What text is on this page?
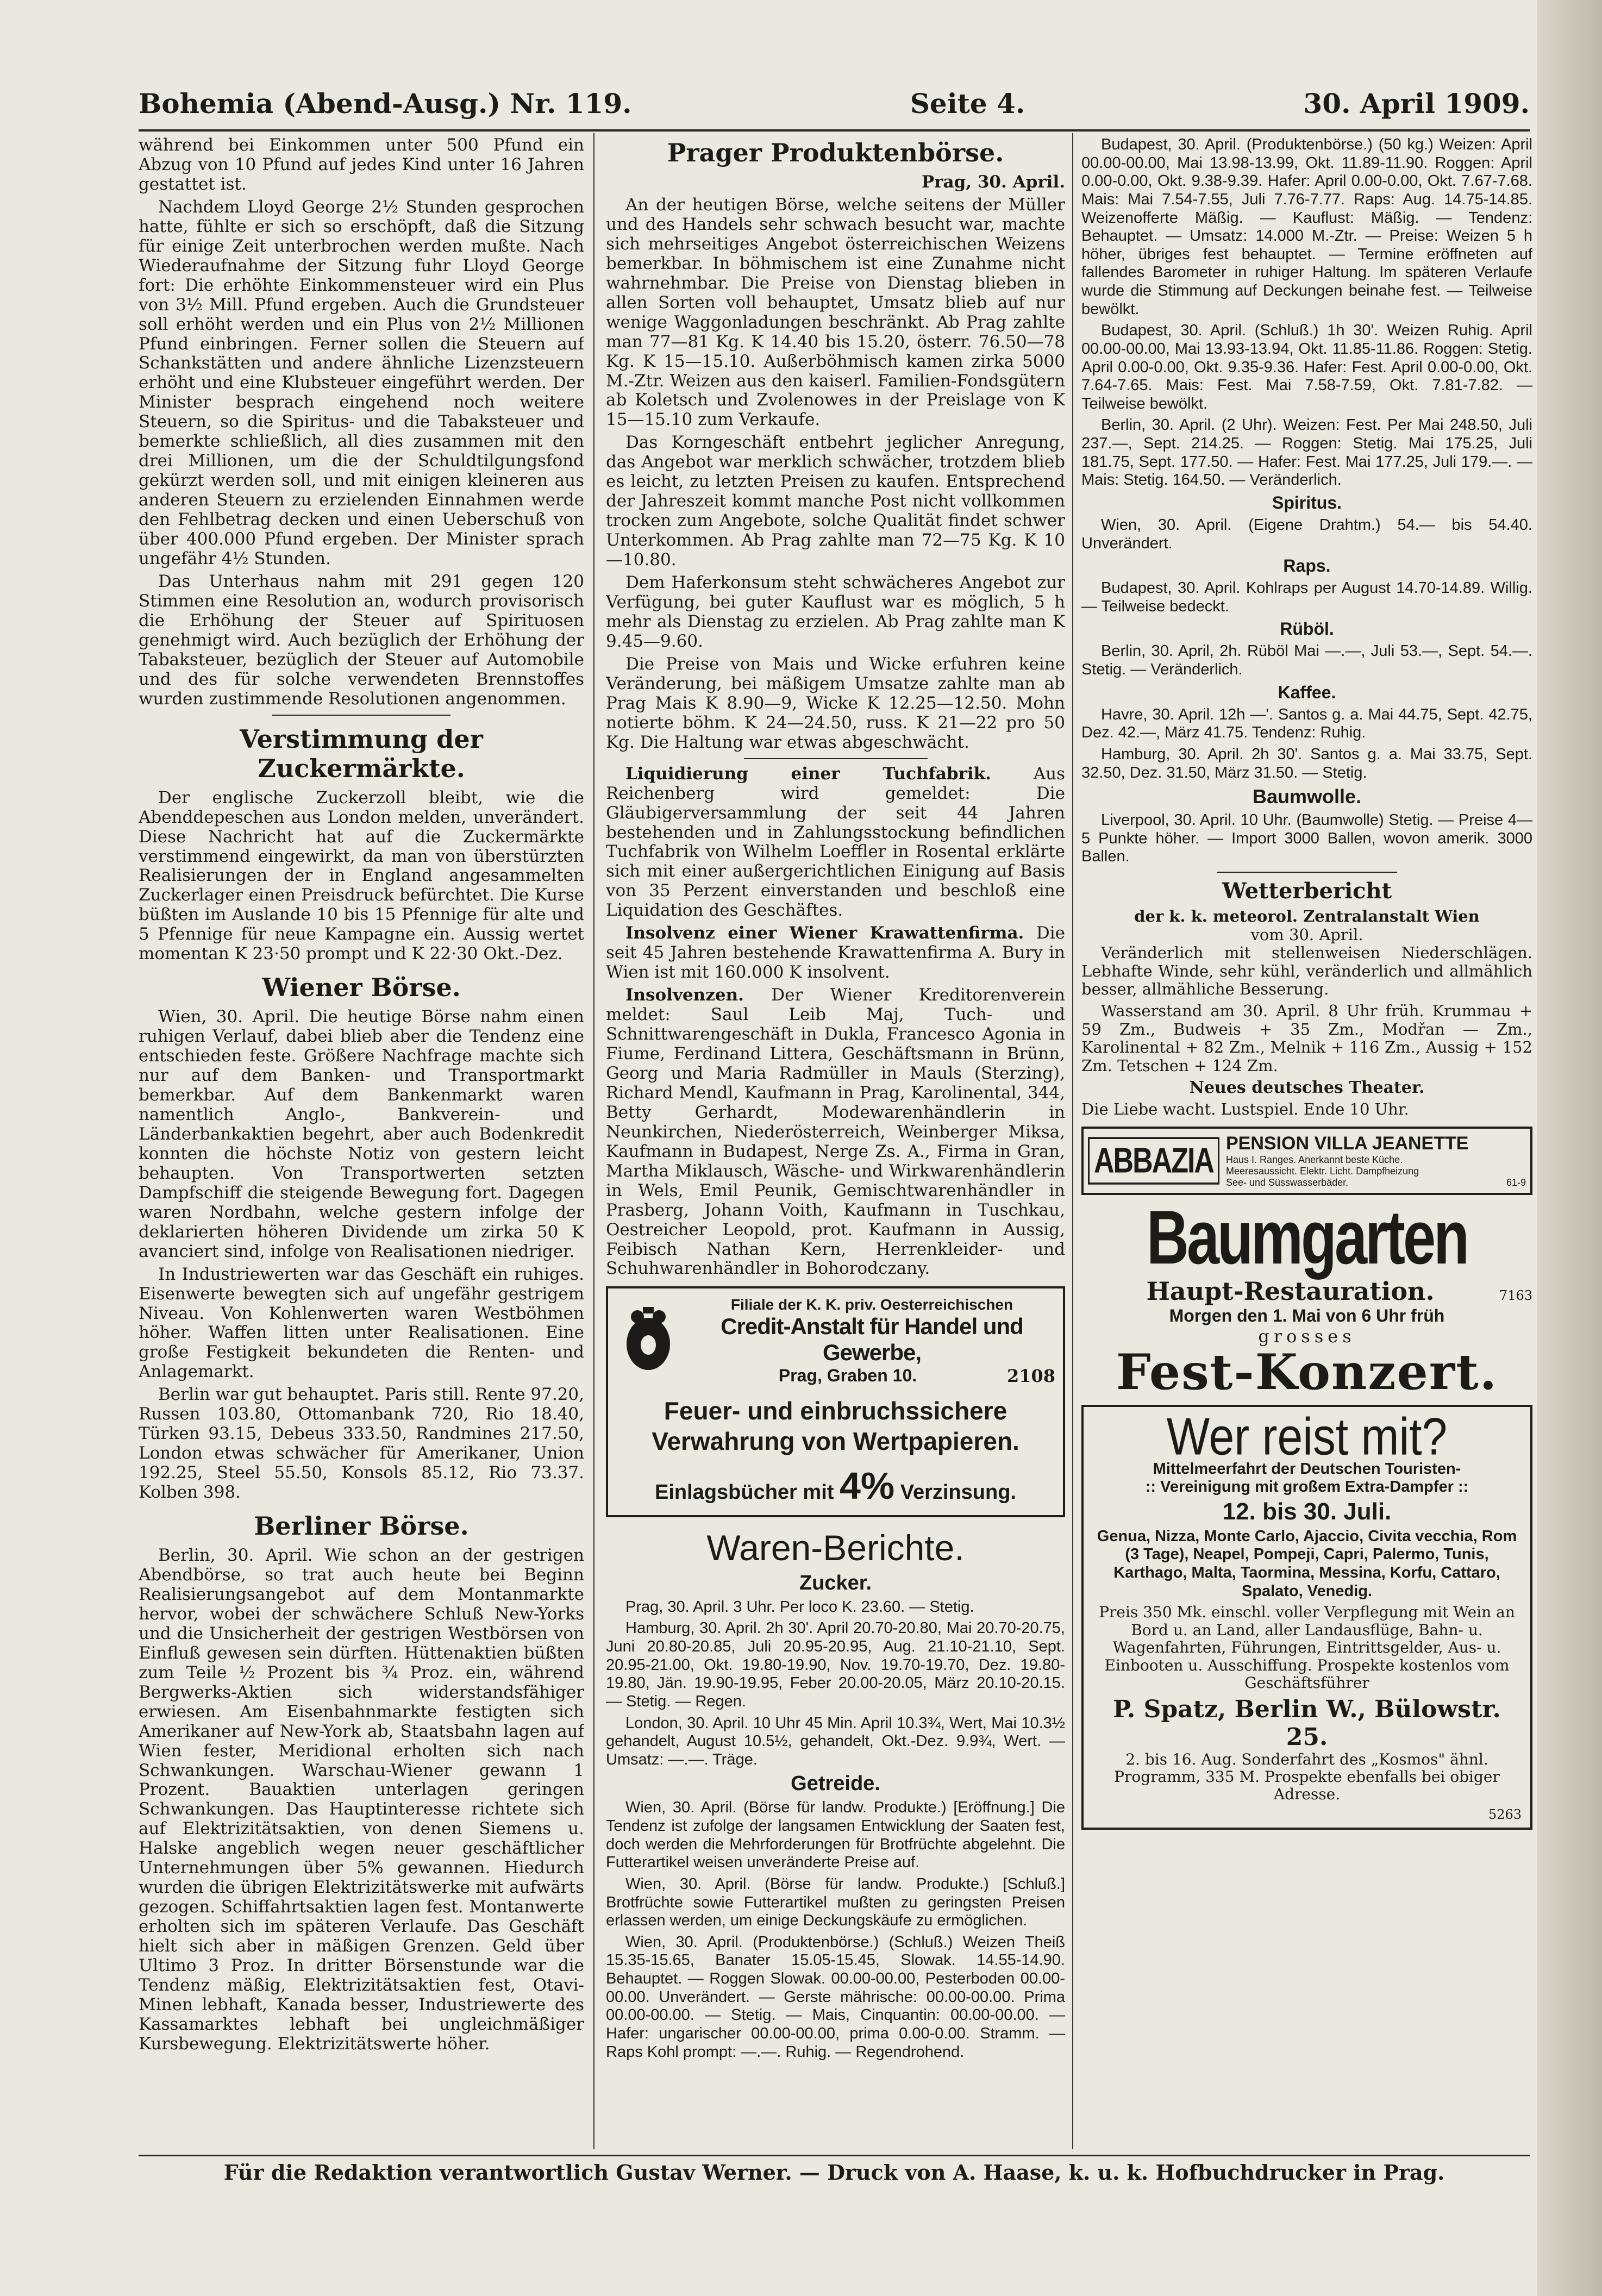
Bohemia (Abend-Ausg.) Nr. 119.	Seite 4.	30. April 1909.

während bei Einkommen unter 500 Pfund ein Abzug von 10 Pfund auf jedes Kind unter 16 Jahren gestattet ist.

Nachdem Lloyd George 2½ Stunden gesprochen hatte, fühlte er sich so erschöpft, daß die Sitzung für einige Zeit unterbrochen werden mußte. Nach Wiederaufnahme der Sitzung fuhr Lloyd George fort: Die erhöhte Einkommensteuer wird ein Plus von 3½ Mill. Pfund ergeben. Auch die Grundsteuer soll erhöht werden und ein Plus von 2½ Millionen Pfund einbringen. Ferner sollen die Steuern auf Schankstätten und andere ähnliche Lizenzsteuern erhöht und eine Klubsteuer eingeführt werden. Der Minister besprach eingehend noch weitere Steuern, so die Spiritus- und die Tabaksteuer und bemerkte schließlich, all dies zusammen mit den drei Millionen, um die der Schuldtilgungsfond gekürzt werden soll, und mit einigen kleineren aus anderen Steuern zu erzielenden Einnahmen werde den Fehlbetrag decken und einen Ueberschuß von über 400.000 Pfund ergeben. Der Minister sprach ungefähr 4½ Stunden.

Das Unterhaus nahm mit 291 gegen 120 Stimmen eine Resolution an, wodurch provisorisch die Erhöhung der Steuer auf Spirituosen genehmigt wird. Auch bezüglich der Erhöhung der Tabaksteuer, bezüglich der Steuer auf Automobile und des für solche verwendeten Brennstoffes wurden zustimmende Resolutionen angenommen.

Verstimmung der Zuckermärkte.

Der englische Zuckerzoll bleibt, wie die Abenddepeschen aus London melden, unverändert. Diese Nachricht hat auf die Zuckermärkte verstimmend eingewirkt, da man von überstürzten Realisierungen der in England angesammelten Zuckerlager einen Preisdruck befürchtet. Die Kurse büßten im Auslande 10 bis 15 Pfennige für alte und 5 Pfennige für neue Kampagne ein. Aussig wertet momentan K 23·50 prompt und K 22·30 Okt.-Dez.

Wiener Börse.

Wien, 30. April. Die heutige Börse nahm einen ruhigen Verlauf, dabei blieb aber die Tendenz eine entschieden feste. Größere Nachfrage machte sich nur auf dem Banken- und Transportmarkt bemerkbar. Auf dem Bankenmarkt waren namentlich Anglo-, Bankverein- und Länderbankaktien begehrt, aber auch Bodenkredit konnten die höchste Notiz von gestern leicht behaupten. Von Transportwerten setzten Dampfschiff die steigende Bewegung fort. Dagegen waren Nordbahn, welche gestern infolge der deklarierten höheren Dividende um zirka 50 K avanciert sind, infolge von Realisationen niedriger.

In Industriewerten war das Geschäft ein ruhiges. Eisenwerte bewegten sich auf ungefähr gestrigem Niveau. Von Kohlenwerten waren Westböhmen höher. Waffen litten unter Realisationen. Eine große Festigkeit bekundeten die Renten- und Anlagemarkt.

Berlin war gut behauptet. Paris still. Rente 97.20, Russen 103.80, Ottomanbank 720, Rio 18.40, Türken 93.15, Debeus 333.50, Randmines 217.50, London etwas schwächer für Amerikaner, Union 192.25, Steel 55.50, Konsols 85.12, Rio 73.37. Kolben 398.

Berliner Börse.

Berlin, 30. April. Wie schon an der gestrigen Abendbörse, so trat auch heute bei Beginn Realisierungsangebot auf dem Montanmarkte hervor, wobei der schwächere Schluß New-Yorks und die Unsicherheit der gestrigen Westbörsen von Einfluß gewesen sein dürften. Hüttenaktien büßten zum Teile ½ Prozent bis ¾ Proz. ein, während Bergwerks-Aktien sich widerstandsfähiger erwiesen. Am Eisenbahnmarkte festigten sich Amerikaner auf New-York ab, Staatsbahn lagen auf Wien fester, Meridional erholten sich nach Schwankungen. Warschau-Wiener gewann 1 Prozent. Bauaktien unterlagen geringen Schwankungen. Das Hauptinteresse richtete sich auf Elektrizitätsaktien, von denen Siemens u. Halske angeblich wegen neuer geschäftlicher Unternehmungen über 5% gewannen. Hiedurch wurden die übrigen Elektrizitätswerke mit aufwärts gezogen. Schiffahrtsaktien lagen fest. Montanwerte erholten sich im späteren Verlaufe. Das Geschäft hielt sich aber in mäßigen Grenzen. Geld über Ultimo 3 Proz. In dritter Börsenstunde war die Tendenz mäßig, Elektrizitätsaktien fest, Otavi-Minen lebhaft, Kanada besser, Industriewerte des Kassamarktes lebhaft bei ungleichmäßiger Kursbewegung. Elektrizitätswerte höher.

Prager Produktenbörse.

Prag, 30. April.

An der heutigen Börse, welche seitens der Müller und des Handels sehr schwach besucht war, machte sich mehrseitiges Angebot österreichischen Weizens bemerkbar. In böhmischem ist eine Zunahme nicht wahrnehmbar. Die Preise von Dienstag blieben in allen Sorten voll behauptet, Umsatz blieb auf nur wenige Waggonladungen beschränkt. Ab Prag zahlte man 77—81 Kg. K 14.40 bis 15.20, österr. 76.50—78 Kg. K 15—15.10. Außerböhmisch kamen zirka 5000 M.-Ztr. Weizen aus den kaiserl. Familien-Fondsgütern ab Koletsch und Zvolenowes in der Preislage von K 15—15.10 zum Verkaufe.

Das Korngeschäft entbehrt jeglicher Anregung, das Angebot war merklich schwächer, trotzdem blieb es leicht, zu letzten Preisen zu kaufen. Entsprechend der Jahreszeit kommt manche Post nicht vollkommen trocken zum Angebote, solche Qualität findet schwer Unterkommen. Ab Prag zahlte man 72—75 Kg. K 10—10.80.

Dem Haferkonsum steht schwächeres Angebot zur Verfügung, bei guter Kauflust war es möglich, 5 h mehr als Dienstag zu erzielen. Ab Prag zahlte man K 9.45—9.60.

Die Preise von Mais und Wicke erfuhren keine Veränderung, bei mäßigem Umsatze zahlte man ab Prag Mais K 8.90—9, Wicke K 12.25—12.50. Mohn notierte böhm. K 24—24.50, russ. K 21—22 pro 50 Kg. Die Haltung war etwas abgeschwächt.

Liquidierung einer Tuchfabrik.	Aus Reichenberg wird gemeldet: Die Gläubigerversammlung der seit 44 Jahren bestehenden und in Zahlungsstockung befindlichen Tuchfabrik von Wilhelm Loeffler in Rosental erklärte sich mit einer außergerichtlichen Einigung auf Basis von 35 Perzent einverstanden und beschloß eine Liquidation des Geschäftes.

Insolvenz einer Wiener Krawattenfirma. Die seit 45 Jahren bestehende Krawattenfirma A. Bury in Wien ist mit 160.000 K insolvent.

Insolvenzen. Der Wiener Kreditorenverein meldet: Saul Leib Maj, Tuch- und Schnittwarengeschäft in Dukla, Francesco Agonia in Fiume, Ferdinand Littera, Geschäftsmann in Brünn, Georg und Maria Radmüller in Mauls (Sterzing), Richard Mendl, Kaufmann in Prag, Karolinental, 344, Betty Gerhardt, Modewarenhändlerin in Neunkirchen, Niederösterreich, Weinberger Miksa, Kaufmann in Budapest, Nerge Zs. A., Firma in Gran, Martha Miklausch, Wäsche- und Wirkwarenhändlerin in Wels, Emil Peunik, Gemischtwarenhändler in Prasberg, Johann Voith, Kaufmann in Tuschkau, Oestreicher Leopold, prot. Kaufmann in Aussig, Feibisch Nathan Kern, Herrenkleider- und Schuhwarenhändler in Bohorodczany.

Filiale der K. K. priv. Oesterreichischen
Credit-Anstalt für Handel und Gewerbe,
Prag, Graben 10.	2108
Feuer- und einbruchssichere Verwahrung von Wertpapieren.
Einlagsbücher mit 4% Verzinsung.
Waren-Berichte.
Zucker.

Prag, 30. April. 3 Uhr. Per loco K. 23.60. — Stetig.

Hamburg, 30. April. 2h 30'. April 20.70-20.80, Mai 20.70-20.75, Juni 20.80-20.85, Juli 20.95-20.95, Aug. 21.10-21.10, Sept. 20.95-21.00, Okt. 19.80-19.90, Nov. 19.70-19.70, Dez. 19.80-19.80, Jän. 19.90-19.95, Feber 20.00-20.05, März 20.10-20.15. — Stetig. — Regen.

London, 30. April. 10 Uhr 45 Min. April 10.3¾, Wert, Mai 10.3½ gehandelt, August 10.5½, gehandelt, Okt.-Dez. 9.9¾, Wert. — Umsatz: —.—. Träge.

Getreide.

Wien, 30. April. (Börse für landw. Produkte.) [Eröffnung.] Die Tendenz ist zufolge der langsamen Entwicklung der Saaten fest, doch werden die Mehrforderungen für Brotfrüchte abgelehnt. Die Futterartikel weisen unveränderte Preise auf.

Wien, 30. April. (Börse für landw. Produkte.) [Schluß.] Brotfrüchte sowie Futterartikel mußten zu geringsten Preisen erlassen werden, um einige Deckungskäufe zu ermöglichen.

Wien, 30. April. (Produktenbörse.) (Schluß.) Weizen Theiß 15.35-15.65, Banater 15.05-15.45, Slowak. 14.55-14.90. Behauptet. — Roggen Slowak. 00.00-00.00, Pesterboden 00.00-00.00. Unverändert. — Gerste mährische: 00.00-00.00. Prima 00.00-00.00. — Stetig. — Mais, Cinquantin: 00.00-00.00. — Hafer: ungarischer 00.00-00.00, prima 0.00-0.00. Stramm. — Raps Kohl prompt: —.—. Ruhig. — Regendrohend.

Budapest, 30. April. (Produktenbörse.) (50 kg.) Weizen: April 00.00-00.00, Mai 13.98-13.99, Okt. 11.89-11.90. Roggen: April 0.00-0.00, Okt. 9.38-9.39. Hafer: April 0.00-0.00, Okt. 7.67-7.68. Mais: Mai 7.54-7.55, Juli 7.76-7.77. Raps: Aug. 14.75-14.85. Weizenofferte Mäßig. — Kauflust: Mäßig. — Tendenz: Behauptet. — Umsatz: 14.000 M.-Ztr. — Preise: Weizen 5 h höher, übriges fest behauptet. — Termine eröffneten auf fallendes Barometer in ruhiger Haltung. Im späteren Verlaufe wurde die Stimmung auf Deckungen beinahe fest. — Teilweise bewölkt.

Budapest, 30. April. (Schluß.) 1h 30'. Weizen Ruhig. April 00.00-00.00, Mai 13.93-13.94, Okt. 11.85-11.86. Roggen: Stetig. April 0.00-0.00, Okt. 9.35-9.36. Hafer: Fest. April 0.00-0.00, Okt. 7.64-7.65. Mais: Fest. Mai 7.58-7.59, Okt. 7.81-7.82. — Teilweise bewölkt.

Berlin, 30. April. (2 Uhr). Weizen: Fest. Per Mai 248.50, Juli 237.—, Sept. 214.25. — Roggen: Stetig. Mai 175.25, Juli 181.75, Sept. 177.50. — Hafer: Fest. Mai 177.25, Juli 179.—. — Mais: Stetig. 164.50. — Veränderlich.

Spiritus.

Wien, 30. April. (Eigene Drahtm.) 54.— bis 54.40. Unverändert.

Raps.

Budapest, 30. April. Kohlraps per August 14.70-14.89. Willig. — Teilweise bedeckt.

Rüböl.

Berlin, 30. April, 2h. Rüböl Mai —.—, Juli 53.—, Sept. 54.—. Stetig. — Veränderlich.

Kaffee.

Havre, 30. April. 12h —'. Santos g. a. Mai 44.75, Sept. 42.75, Dez. 42.—, März 41.75. Tendenz: Ruhig.

Hamburg, 30. April. 2h 30'. Santos g. a. Mai 33.75, Sept. 32.50, Dez. 31.50, März 31.50. — Stetig.

Baumwolle.

Liverpool, 30. April. 10 Uhr. (Baumwolle) Stetig. — Preise 4—5 Punkte höher. — Import 3000 Ballen, wovon amerik. 3000 Ballen.

Wetterbericht
der k. k. meteorol. Zentralanstalt Wien
vom 30. April.

Veränderlich mit stellenweisen Niederschlägen. Lebhafte Winde, sehr kühl, veränderlich und allmählich besser, allmähliche Besserung.

Wasserstand am 30. April. 8 Uhr früh. Krummau + 59 Zm., Budweis + 35 Zm., Modřan — Zm., Karolinental + 82 Zm., Melnik + 116 Zm., Aussig + 152 Zm. Tetschen + 124 Zm.

Neues deutsches Theater.

Die Liebe wacht. Lustspiel. Ende 10 Uhr.

ABBAZIA PENSION VILLA JEANETTE
Haus I. Ranges. Anerkannt beste Küche.
Meeresaussicht. Elektr. Licht. Dampfheizung
See- und Süsswasserbäder.	61-9
Baumgarten
Haupt-Restauration.	7163
Morgen den 1. Mai von 6 Uhr früh
grosses
Fest-Konzert.
Wer reist mit?
Mittelmeerfahrt der Deutschen Touristen-
:: Vereinigung mit großem Extra-Dampfer ::
12. bis 30. Juli.

Genua, Nizza, Monte Carlo, Ajaccio, Civita vecchia, Rom (3 Tage), Neapel, Pompeji, Capri, Palermo, Tunis, Karthago, Malta, Taormina, Messina, Korfu, Cattaro, Spalato, Venedig.

Preis 350 Mk. einschl. voller Verpflegung mit Wein an Bord u. an Land, aller Landausflüge, Bahn- u. Wagenfahrten, Führungen, Eintrittsgelder, Aus- u. Einbooten u. Ausschiffung. Prospekte kostenlos vom Geschäftsführer

P. Spatz, Berlin W., Bülowstr. 25.

2. bis 16. Aug. Sonderfahrt des „Kosmos" ähnl. Programm, 335 M. Prospekte ebenfalls bei obiger Adresse.

5263
Für die Redaktion verantwortlich Gustav Werner. — Druck von A. Haase, k. u. k. Hofbuchdrucker in Prag.
